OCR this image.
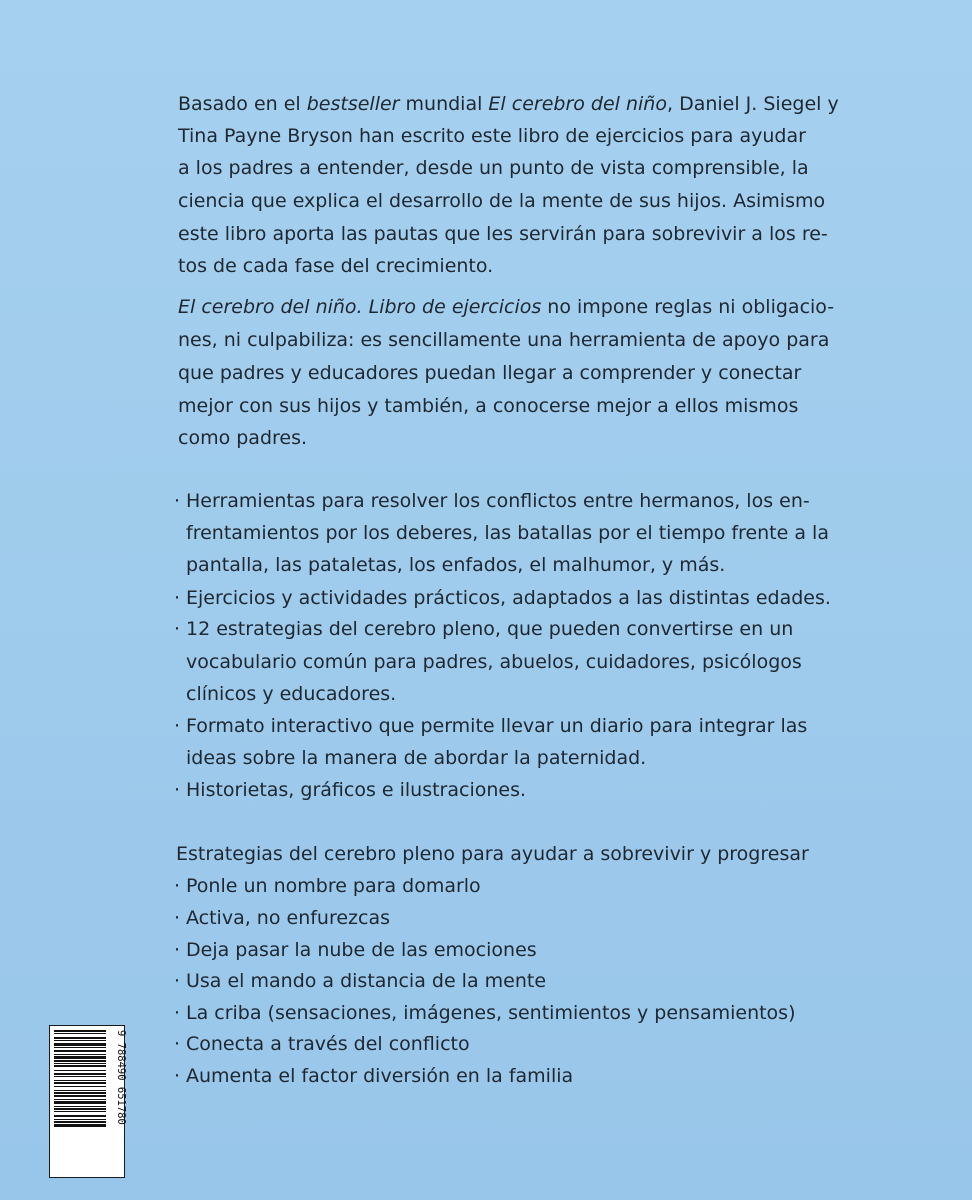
Basado en el bestseller mundial El cerebro del niño, Daniel J. Siegel y
Tina Payne Bryson han escrito este libro de ejercicios para ayudar
a los padres a entender, desde un punto de vista comprensible, la
ciencia que explica el desarrollo de la mente de sus hijos. Asimismo
este libro aporta las pautas que les servirán para sobrevivir a los re-
tos de cada fase del crecimiento.
El cerebro del niño. Libro de ejercicios no impone reglas ni obligacio-
nes, ni culpabiliza: es sencillamente una herramienta de apoyo para
que padres y educadores puedan llegar a comprender y conectar
mejor con sus hijos y también, a conocerse mejor a ellos mismos
como padres.
· Herramientas para resolver los conflictos entre hermanos, los en-
frentamientos por los deberes, las batallas por el tiempo frente a la
pantalla, las pataletas, los enfados, el malhumor, y más.
· Ejercicios y actividades prácticos, adaptados a las distintas edades.
· 12 estrategias del cerebro pleno, que pueden convertirse en un
vocabulario común para padres, abuelos, cuidadores, psicólogos
clínicos y educadores.
· Formato interactivo que permite llevar un diario para integrar las
ideas sobre la manera de abordar la paternidad.
· Historietas, gráficos e ilustraciones.
Estrategias del cerebro pleno para ayudar a sobrevivir y progresar
· Ponle un nombre para domarlo
· Activa, no enfurezcas
· Deja pasar la nube de las emociones
· Usa el mando a distancia de la mente
· La criba (sensaciones, imágenes, sentimientos y pensamientos)
· Conecta a través del conflicto
· Aumenta el factor diversión en la familia
9 788490 651780
